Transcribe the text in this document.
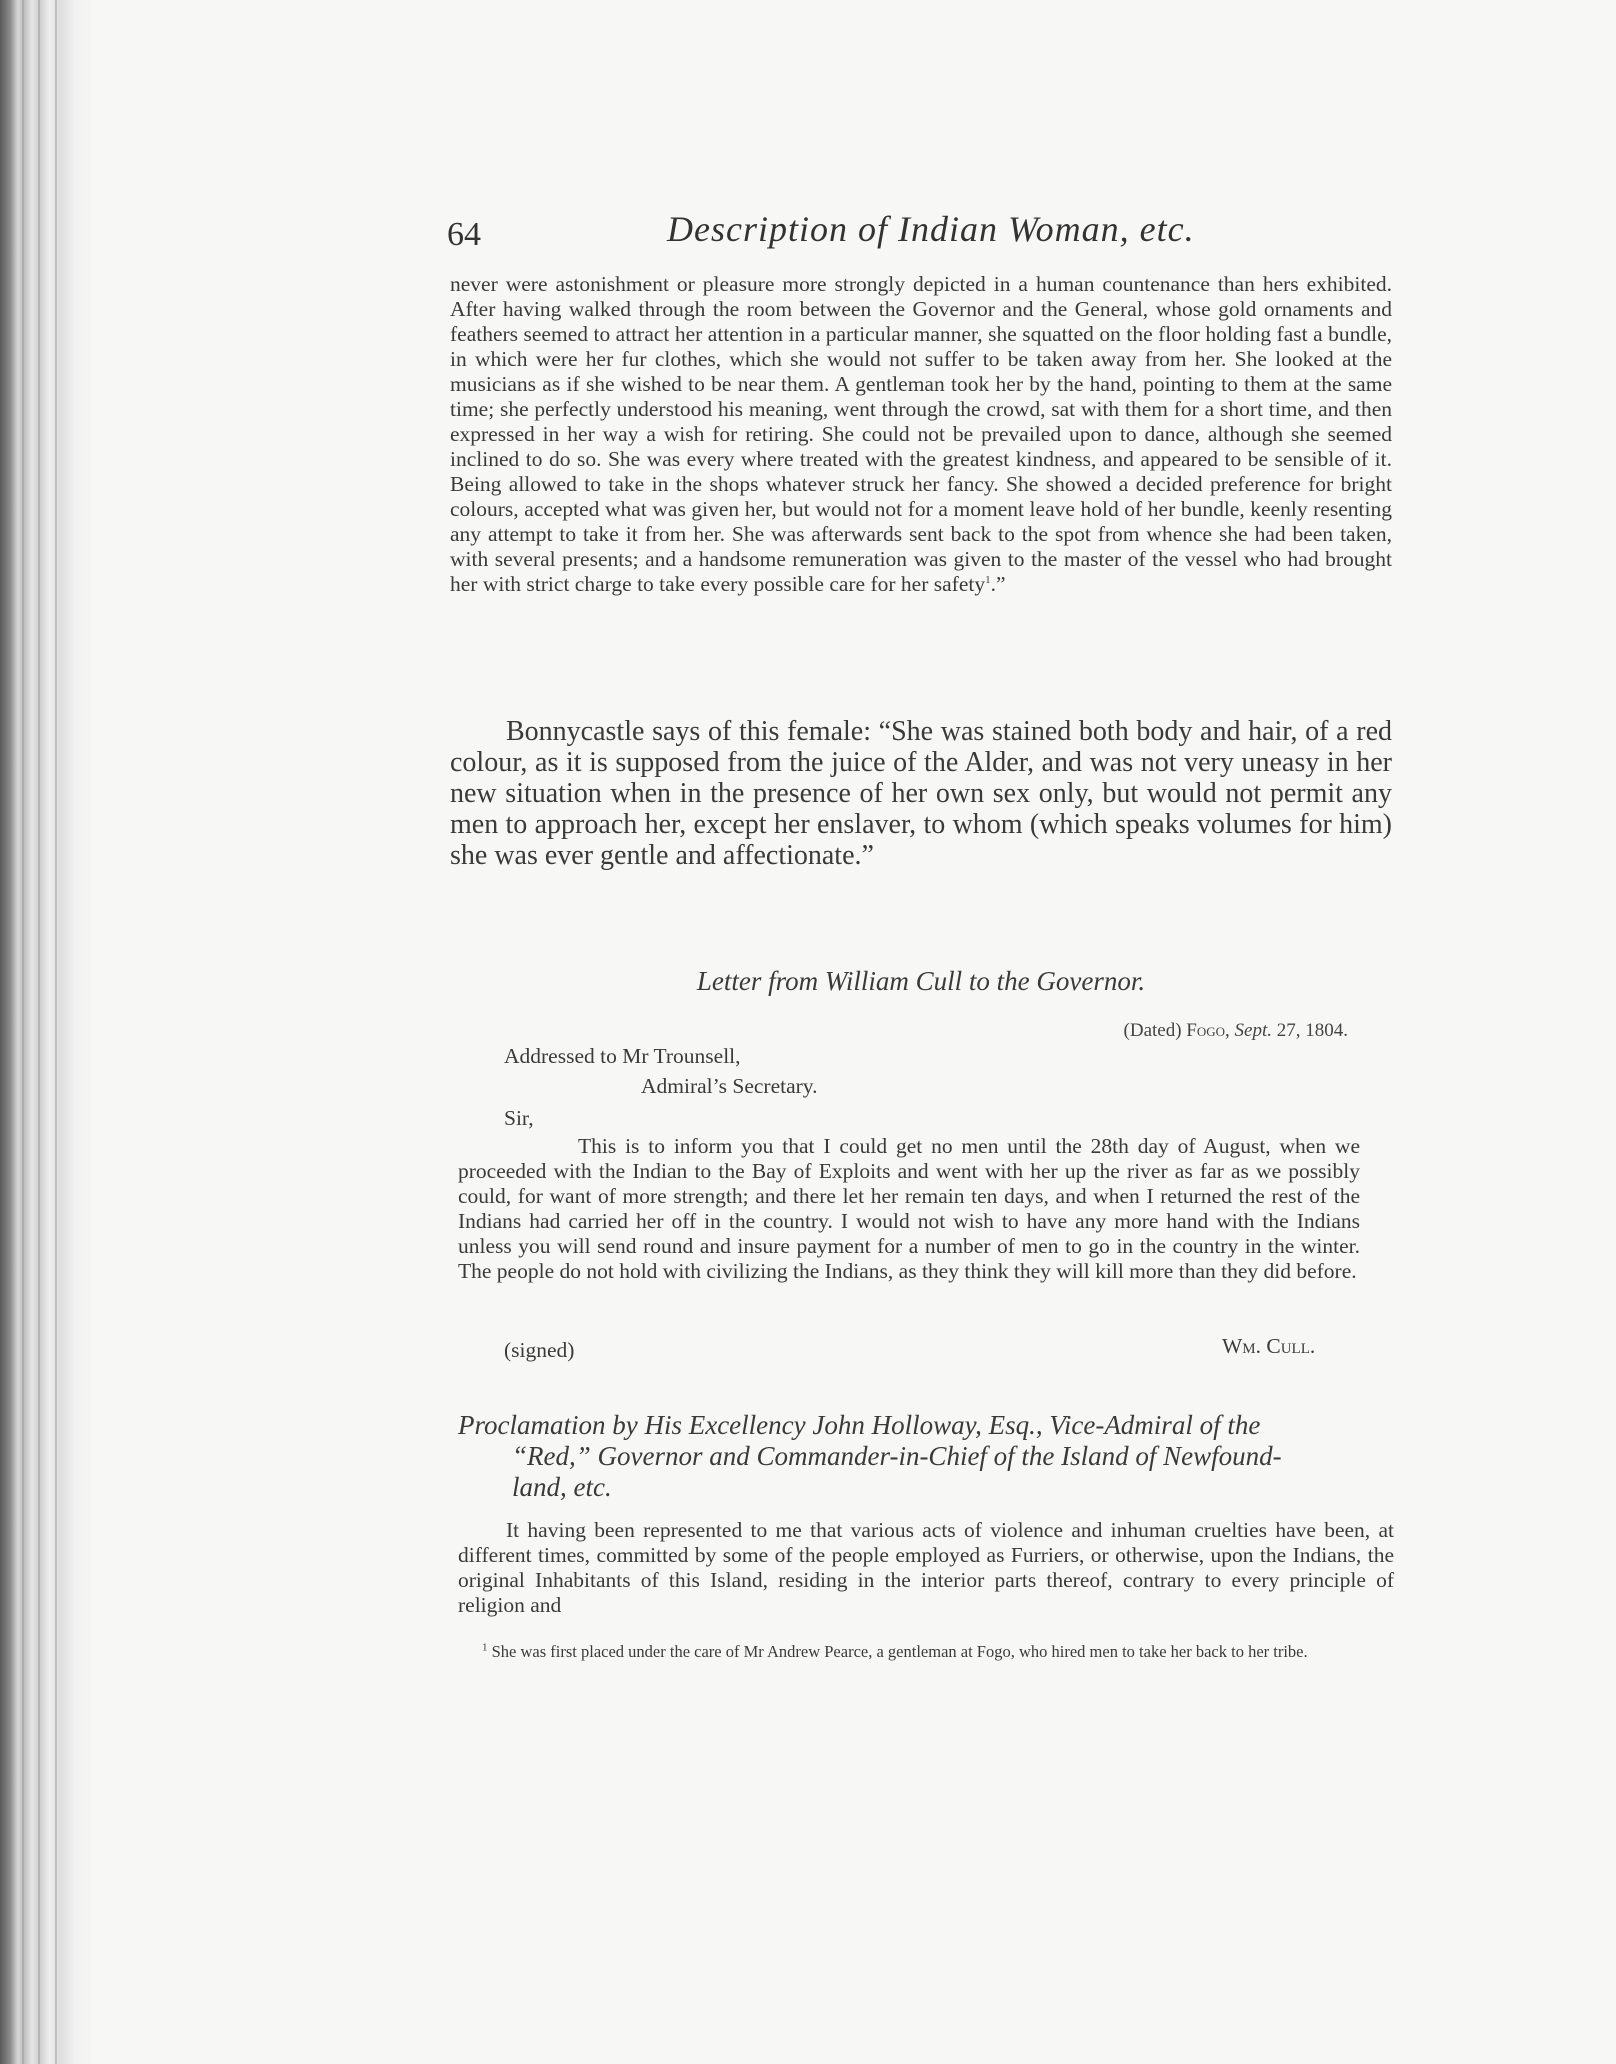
64	Description of Indian Woman, etc.
never were astonishment or pleasure more strongly depicted in a human countenance than hers exhibited. After having walked through the room between the Governor and the General, whose gold ornaments and feathers seemed to attract her attention in a particular manner, she squatted on the floor holding fast a bundle, in which were her fur clothes, which she would not suffer to be taken away from her. She looked at the musicians as if she wished to be near them. A gentleman took her by the hand, pointing to them at the same time; she perfectly understood his meaning, went through the crowd, sat with them for a short time, and then expressed in her way a wish for retiring. She could not be prevailed upon to dance, although she seemed inclined to do so. She was every where treated with the greatest kindness, and appeared to be sensible of it. Being allowed to take in the shops whatever struck her fancy. She showed a decided preference for bright colours, accepted what was given her, but would not for a moment leave hold of her bundle, keenly resenting any attempt to take it from her. She was afterwards sent back to the spot from whence she had been taken, with several presents; and a handsome remuneration was given to the master of the vessel who had brought her with strict charge to take every possible care for her safety$^1$.”
Bonnycastle says of this female: “She was stained both body and hair, of a red colour, as it is supposed from the juice of the Alder, and was not very uneasy in her new situation when in the presence of her own sex only, but would not permit any men to approach her, except her enslaver, to whom (which speaks volumes for him) she was ever gentle and affectionate.”
Letter from William Cull to the Governor.
(Dated) Fogo, Sept. 27, 1804.
Addressed to Mr Trounsell,
Admiral’s Secretary.
Sir,
This is to inform you that I could get no men until the 28th day of August, when we proceeded with the Indian to the Bay of Exploits and went with her up the river as far as we possibly could, for want of more strength; and there let her remain ten days, and when I returned the rest of the Indians had carried her off in the country. I would not wish to have any more hand with the Indians unless you will send round and insure payment for a number of men to go in the country in the winter. The people do not hold with civilizing the Indians, as they think they will kill more than they did before.
(signed)	Wm. Cull.
Proclamation by His Excellency John Holloway, Esq., Vice-Admiral of the
“Red,” Governor and Commander-in-Chief of the Island of Newfound-
land, etc.
It having been represented to me that various acts of violence and inhuman cruelties have been, at different times, committed by some of the people employed as Furriers, or otherwise, upon the Indians, the original Inhabitants of this Island, residing in the interior parts thereof, contrary to every principle of religion and
$^1$ She was first placed under the care of Mr Andrew Pearce, a gentleman at Fogo, who hired men to take her back to her tribe.
